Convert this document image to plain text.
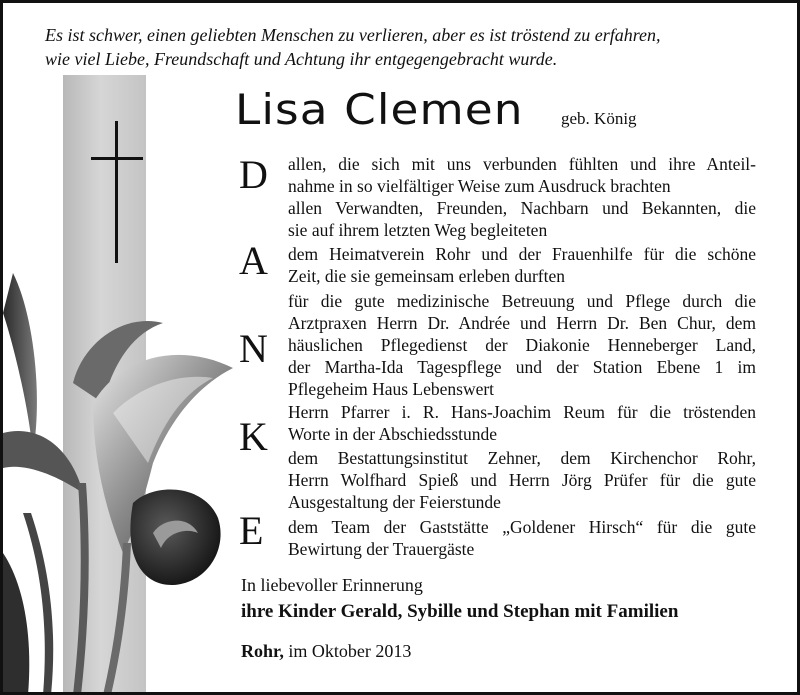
Es ist schwer, einen geliebten Menschen zu verlieren, aber es ist tröstend zu erfahren,
wie viel Liebe, Freundschaft und Achtung ihr entgegengebracht wurde.
Lisa Clemen geb. König
D allen, die sich mit uns verbunden fühlten und ihre Anteil-
nahme in so vielfältiger Weise zum Ausdruck brachten
allen Verwandten, Freunden, Nachbarn und Bekannten, die
sie auf ihrem letzten Weg begleiteten
A dem Heimatverein Rohr und der Frauenhilfe für die schöne
Zeit, die sie gemeinsam erleben durften
N
für die gute medizinische Betreuung und Pflege durch die
Arztpraxen Herrn Dr. Andrée und Herrn Dr. Ben Chur, dem
häuslichen Pflegedienst der Diakonie Henneberger Land,
der Martha-Ida Tagespflege und der Station Ebene 1 im
Pflegeheim Haus Lebenswert
K
Herrn Pfarrer i. R. Hans-Joachim Reum für die tröstenden
Worte in der Abschiedsstunde
dem Bestattungsinstitut Zehner, dem Kirchenchor Rohr,
Herrn Wolfhard Spieß und Herrn Jörg Prüfer für die gute
Ausgestaltung der Feierstunde
E dem Team der Gaststätte „Goldener Hirsch“ für die gute
Bewirtung der Trauergäste
In liebevoller Erinnerung
ihre Kinder Gerald, Sybille und Stephan mit Familien
Rohr, im Oktober 2013
